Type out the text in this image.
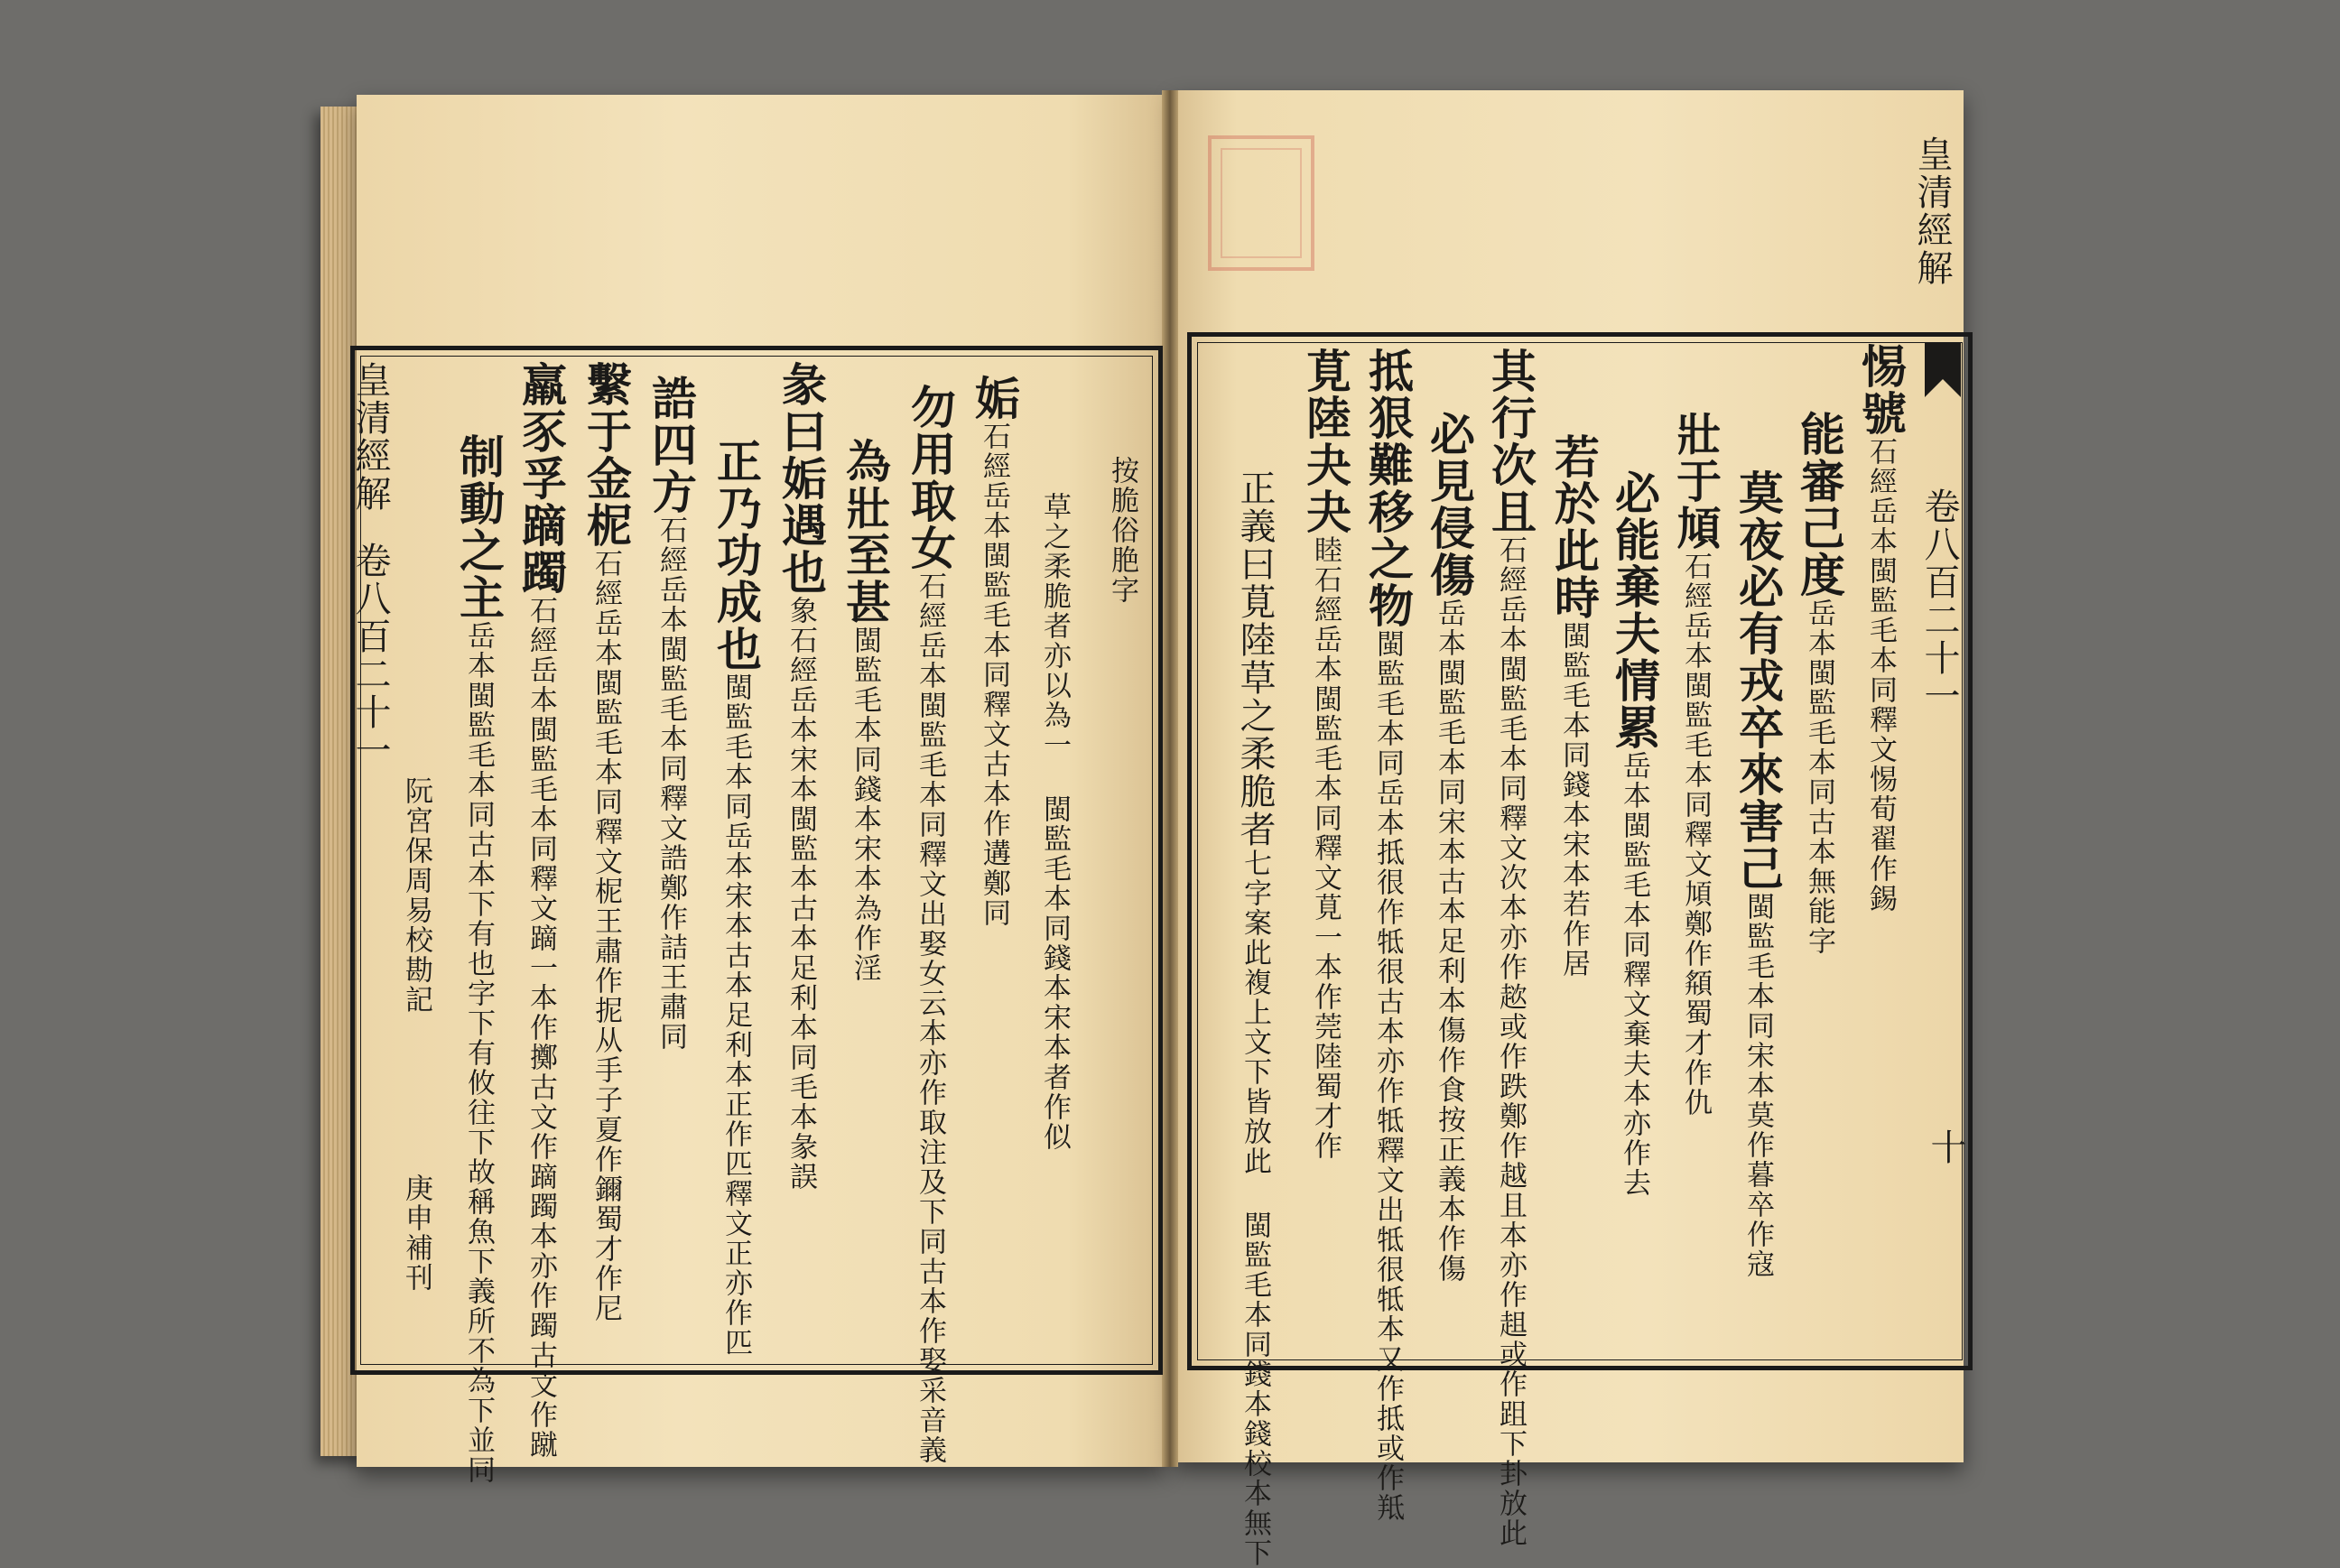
皇清經解
卷八百二十一
阮宮保周易校勘記
庚申補刊
按脆俗脃字
草之柔脆者亦以為一 閩監毛本同錢本宋本者作似
姤石經岳本閩監毛本同釋文古本作遘鄭同
勿用取女石經岳本閩監毛本同釋文出娶女云本亦作取注及下同古本作娶采音義
為壯至甚閩監毛本同錢本宋本為作淫
彖曰姤遇也象石經岳本宋本閩監本古本足利本同毛本彖誤
正乃功成也閩監毛本同岳本宋本古本足利本正作匹釋文正亦作匹
誥四方石經岳本閩監毛本同釋文誥鄭作詰王肅同
繫于金柅石經岳本閩監毛本同釋文柅王肅作抳从手子夏作鑈蜀才作尼
羸豕孚蹢躅石經岳本閩監毛本同釋文蹢一本作擲古文作蹢躅本亦作躅古文作蹴
制動之主岳本閩監毛本同古本下有也字下有攸往下故稱魚下義所不為下並同
皇清經解
卷八百二十一
十
惕號石經岳本閩監毛本同釋文惕荀翟作錫
能審己度岳本閩監毛本同古本無能字
莫夜必有戎卒來害己閩監毛本同宋本莫作暮卒作寇
壯于頄石經岳本閩監毛本同釋文頄鄭作頯蜀才作仇
必能棄夫情累岳本閩監毛本同釋文棄夫本亦作去
若於此時閩監毛本同錢本宋本若作居
其行次且石經岳本閩監毛本同釋文次本亦作趑或作跌鄭作越且本亦作趄或作跙下卦放此
必見侵傷岳本閩監毛本同宋本古本足利本傷作食按正義本作傷
抵狠難移之物閩監毛本同岳本抵很作牴很古本亦作牴釋文出牴很牴本又作抵或作羝
莧陸夬夬睦石經岳本閩監毛本同釋文莧一本作莞陸蜀才作
正義曰莧陸草之柔脆者七字案此複上文下皆放此 閩監毛本同錢本錢校本無下
